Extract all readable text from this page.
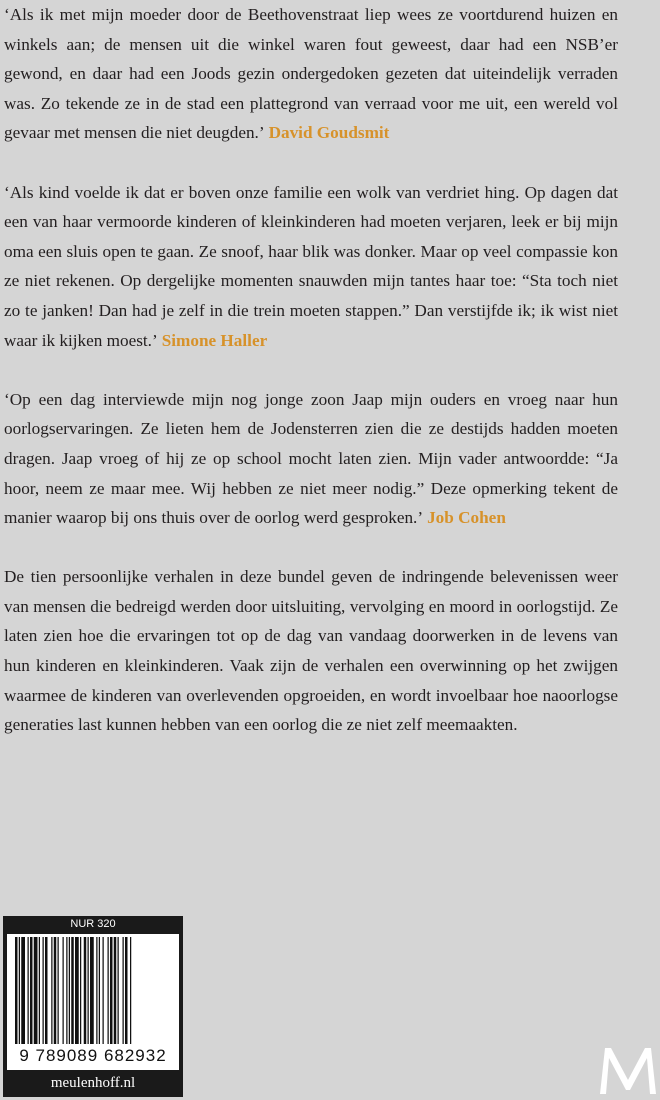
‘Als ik met mijn moeder door de Beethovenstraat liep wees ze voortdurend huizen en winkels aan; de mensen uit die winkel waren fout geweest, daar had een NSB’er gewond, en daar had een Joods gezin ondergedoken gezeten dat uiteindelijk verraden was. Zo tekende ze in de stad een plattegrond van verraad voor me uit, een wereld vol gevaar met mensen die niet deugden.’ David Goudsmit

‘Als kind voelde ik dat er boven onze familie een wolk van verdriet hing. Op dagen dat een van haar vermoorde kinderen of kleinkinderen had moeten verjaren, leek er bij mijn oma een sluis open te gaan. Ze snoof, haar blik was donker. Maar op veel compassie kon ze niet rekenen. Op dergelijke momenten snauwden mijn tantes haar toe: “Sta toch niet zo te janken! Dan had je zelf in die trein moeten stappen.” Dan verstijfde ik; ik wist niet waar ik kijken moest.’ Simone Haller

‘Op een dag interviewde mijn nog jonge zoon Jaap mijn ouders en vroeg naar hun oorlogservaringen. Ze lieten hem de Jodensterren zien die ze destijds hadden moeten dragen. Jaap vroeg of hij ze op school mocht laten zien. Mijn vader antwoordde: “Ja hoor, neem ze maar mee. Wij hebben ze niet meer nodig.” Deze opmerking tekent de manier waarop bij ons thuis over de oorlog werd gesproken.’ Job Cohen

De tien persoonlijke verhalen in deze bundel geven de indringende belevenissen weer van mensen die bedreigd werden door uitsluiting, vervolging en moord in oorlogstijd. Ze laten zien hoe die ervaringen tot op de dag van vandaag doorwerken in de levens van hun kinderen en kleinkinderen. Vaak zijn de verhalen een overwinning op het zwijgen waarmee de kinderen van overlevenden opgroeiden, en wordt invoelbaar hoe naoorlogse generaties last kunnen hebben van een oorlog die ze niet zelf meemaakten.

NUR 320
9 789089 682932
meulenhoff.nl
